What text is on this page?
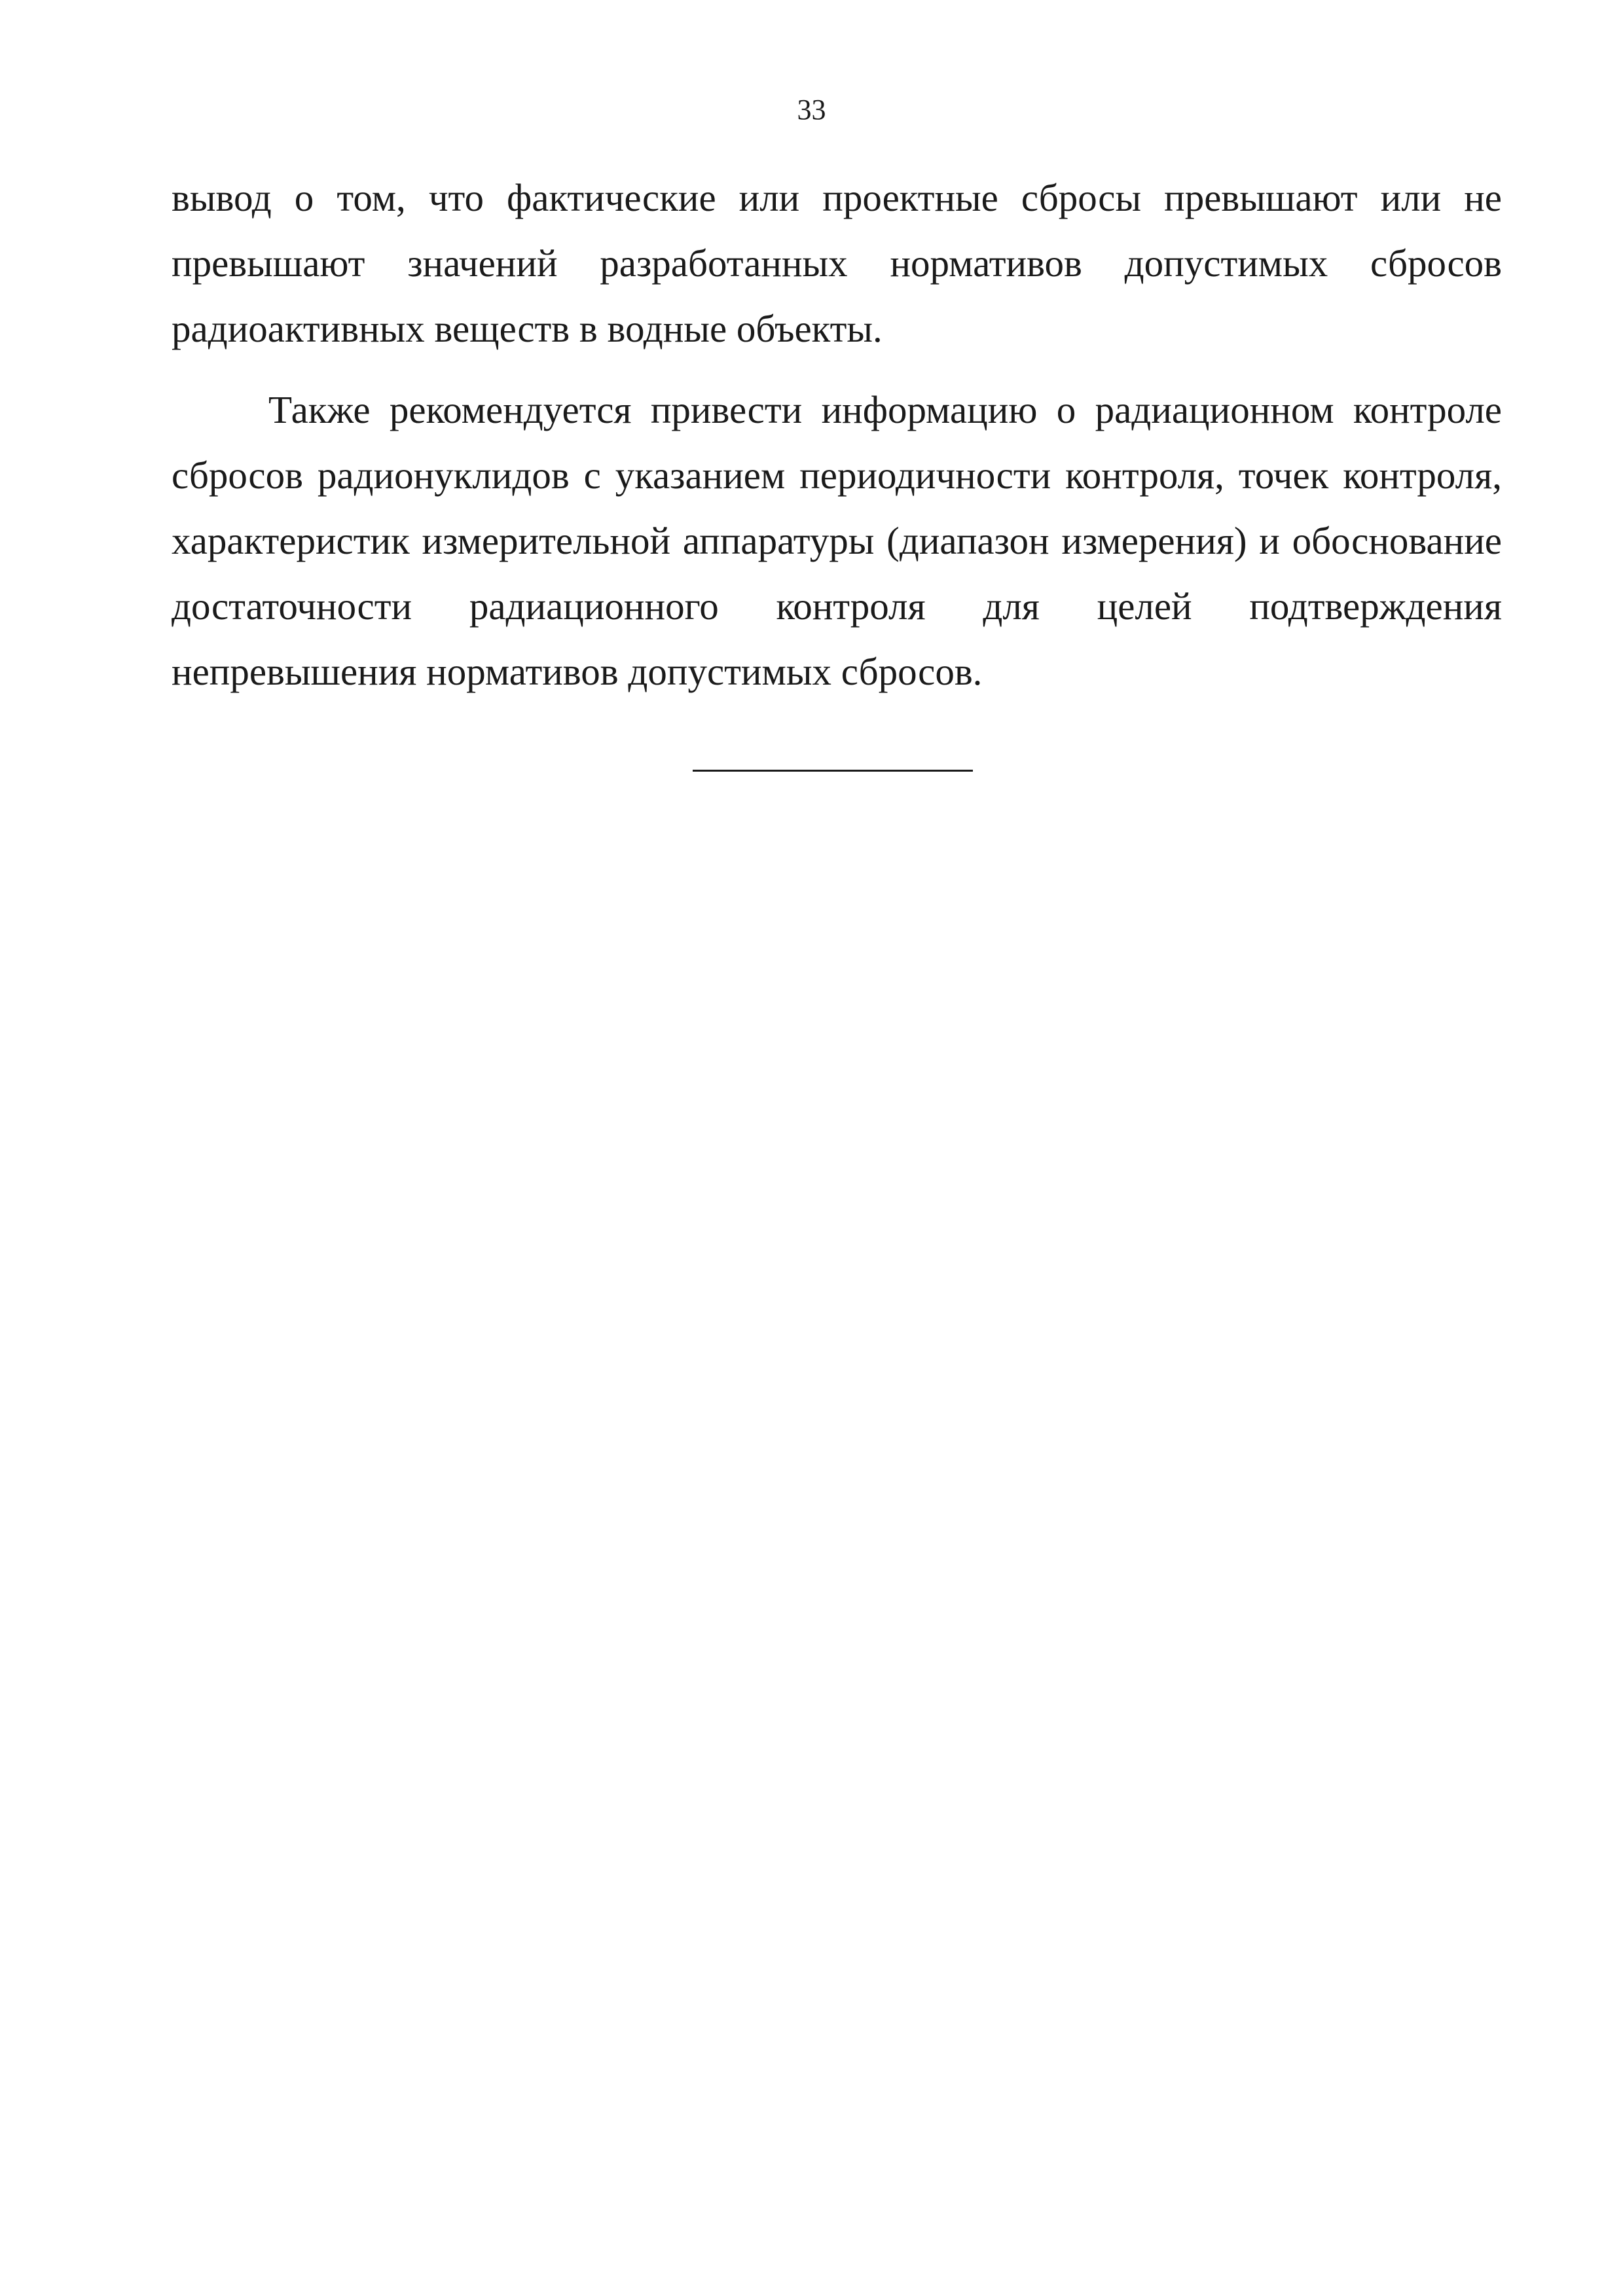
33

вывод о том, что фактические или проектные сбросы превышают или не превышают значений разработанных нормативов допустимых сбросов радиоактивных веществ в водные объекты.

Также рекомендуется привести информацию о радиационном контроле сбросов радионуклидов с указанием периодичности контроля, точек контроля, характеристик измерительной аппаратуры (диапазон измерения) и обоснование достаточности радиационного контроля для целей подтверждения непревышения нормативов допустимых сбросов.
